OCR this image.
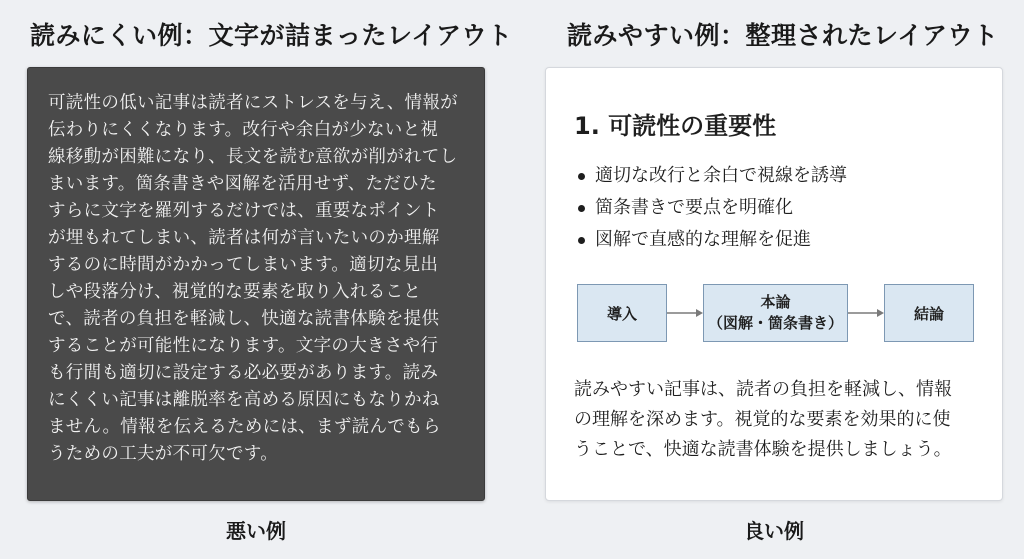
読みにくい例：文字が詰まったレイアウト 読みやすい例：整理されたレイアウト

可読性の低い記事は読者にストレスを与え、情報が
伝わりにくくなります。改行や余白が少ないと視
線移動が困難になり、長文を読む意欲が削がれてし
まいます。箇条書きや図解を活用せず、ただひた
すらに文字を羅列するだけでは、重要なポイント
が埋もれてしまい、読者は何が言いたいのか理解
するのに時間がかかってしまいます。適切な見出
しや段落分け、視覚的な要素を取り入れること
で、読者の負担を軽減し、快適な読書体験を提供
することが可能性になります。文字の大きさや行
も行間も適切に設定する必必要があります。読み
にくくい記事は離脱率を高める原因にもなりかね
ません。情報を伝えるためには、まず読んでもら
うための工夫が不可欠です。

1. 可読性の重要性
適切な改行と余白で視線を誘導
箇条書きで要点を明確化
図解で直感的な理解を促進
導入
本論
（図解・箇条書き）
結論

読みやすい記事は、読者の負担を軽減し、情報
の理解を深めます。視覚的な要素を効果的に使
うことで、快適な読書体験を提供しましょう。

悪い例	良い例
